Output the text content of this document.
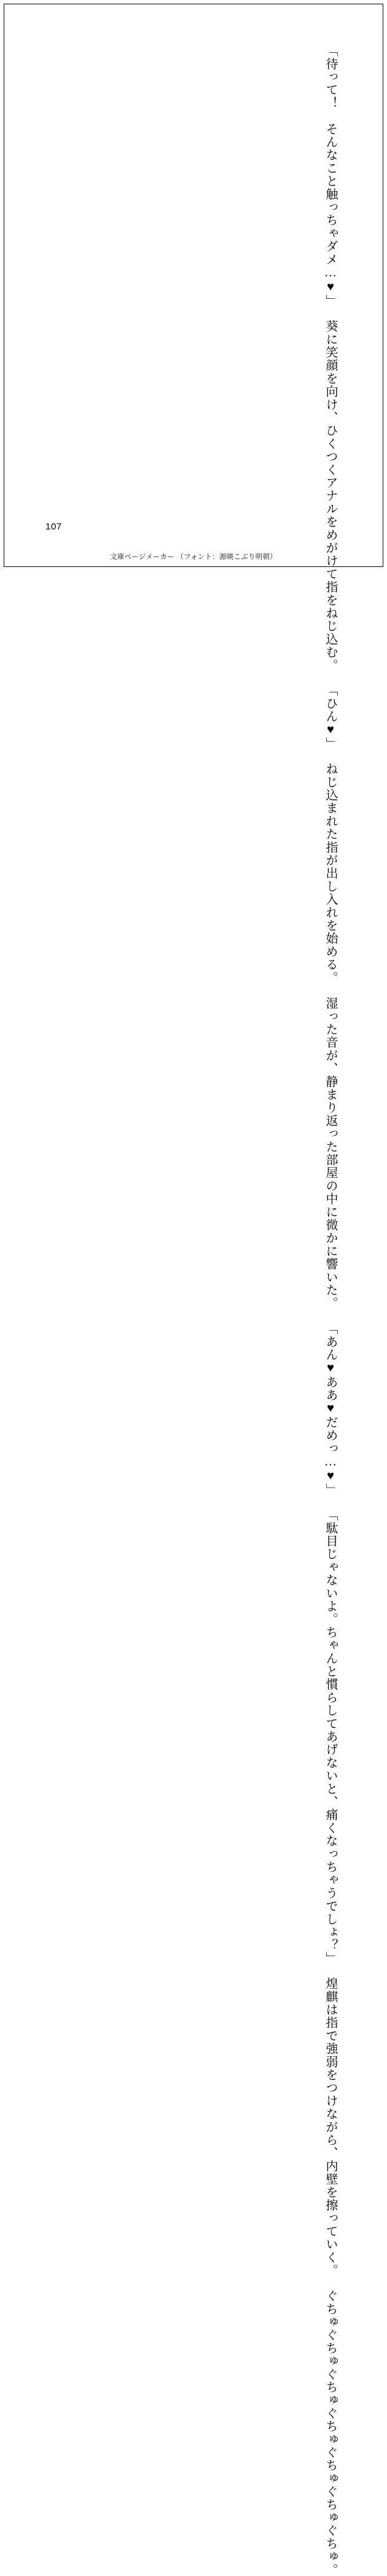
「待って！　そんなこと触っちゃダメ…♥」
葵に笑顔を向け、ひくつくアナルをめがけて指をねじ込む。
「ひん♥」
ねじ込まれた指が出し入れを始める。
湿った音が、静まり返った部屋の中に微かに響いた。
「あん♥ああ♥だめっ…♥」
「駄目じゃないよ。ちゃんと慣らしてあげないと、痛くなっちゃうでしょ？」
煌麒は指で強弱をつけながら、内壁を擦っていく。
ぐちゅぐちゅぐちゅぐちゅぐちゅぐちゅぐちゅ。
107
文庫ページメーカー （フォント：源暎こぶり明朝）
